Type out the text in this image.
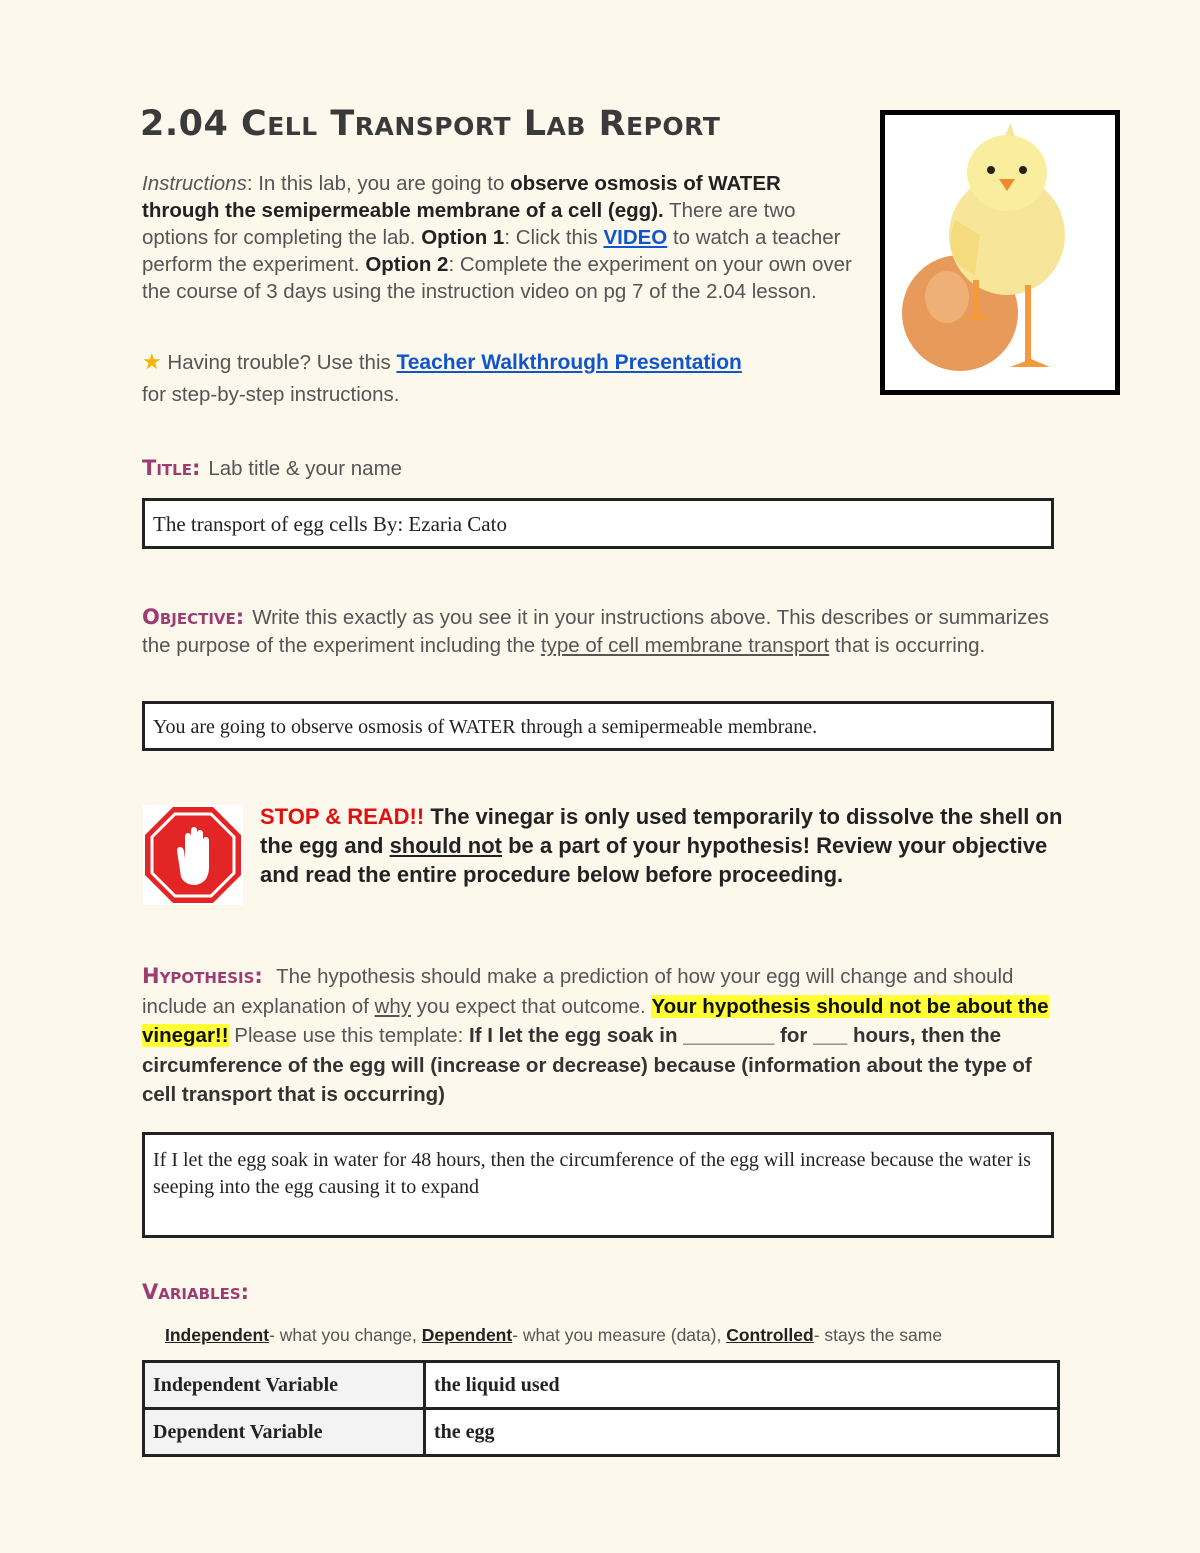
2.04 Cell Transport Lab Report
Instructions: In this lab, you are going to observe osmosis of WATER through the semipermeable membrane of a cell (egg). There are two options for completing the lab. Option 1: Click this VIDEO to watch a teacher perform the experiment. Option 2: Complete the experiment on your own over the course of 3 days using the instruction video on pg 7 of the 2.04 lesson.
★ Having trouble? Use this Teacher Walkthrough Presentation
for step-by-step instructions.
Title: Lab title & your name
The transport of egg cells By: Ezaria Cato
Objective: Write this exactly as you see it in your instructions above. This describes or summarizes the purpose of the experiment including the type of cell membrane transport that is occurring.
You are going to observe osmosis of WATER through a semipermeable membrane.
STOP & READ!! The vinegar is only used temporarily to dissolve the shell on the egg and should not be a part of your hypothesis! Review your objective and read the entire procedure below before proceeding.
Hypothesis: The hypothesis should make a prediction of how your egg will change and should include an explanation of why you expect that outcome. Your hypothesis should not be about the vinegar!! Please use this template: If I let the egg soak in ________ for ___ hours, then the circumference of the egg will (increase or decrease) because (information about the type of cell transport that is occurring)
If I let the egg soak in water for 48 hours, then the circumference of the egg will increase because the water is seeping into the egg causing it to expand
Variables:
Independent- what you change, Dependent- what you measure (data), Controlled- stays the same
Independent Variable	the liquid used
Dependent Variable	the egg
